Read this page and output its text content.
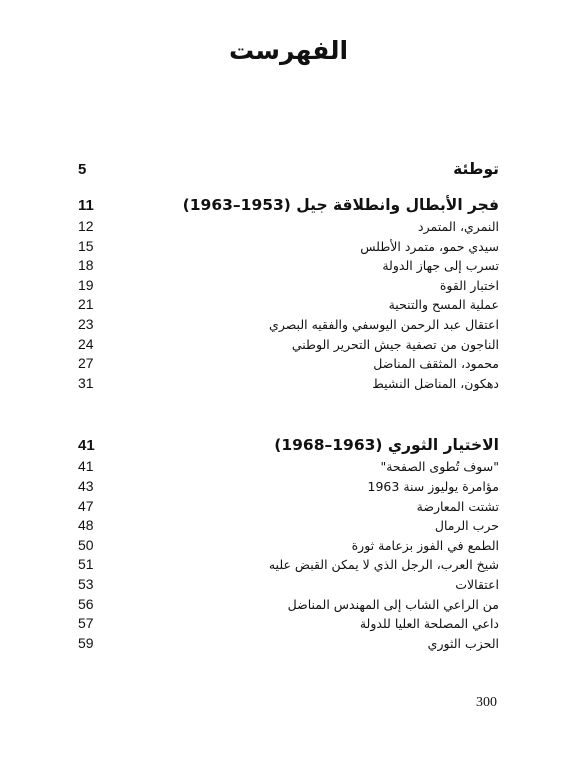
الفهرست
توطئة
5
فجر الأبطال وانطلاقة جيل (1953–1963)
11
النمري، المتمرد
12
سيدي حمو، متمرد الأطلس
15
تسرب إلى جهاز الدولة
18
اختبار القوة
19
عملية المسح والتنحية
21
اعتقال عبد الرحمن اليوسفي والفقيه البصري
23
الناجون من تصفية جيش التحرير الوطني
24
محمود، المثقف المناضل
27
دهكون، المناضل النشيط
31
الاختيار الثوري (1963–1968)
41
"سوف تُطوى الصفحة"
41
مؤامرة يوليوز سنة 1963
43
تشتت المعارضة
47
حرب الرمال
48
الطمع في الفوز بزعامة ثورة
50
شيخ العرب، الرجل الذي لا يمكن القبض عليه
51
اعتقالات
53
من الراعي الشاب إلى المهندس المناضل
56
داعي المصلحة العليا للدولة
57
الحزب الثوري
59
300
